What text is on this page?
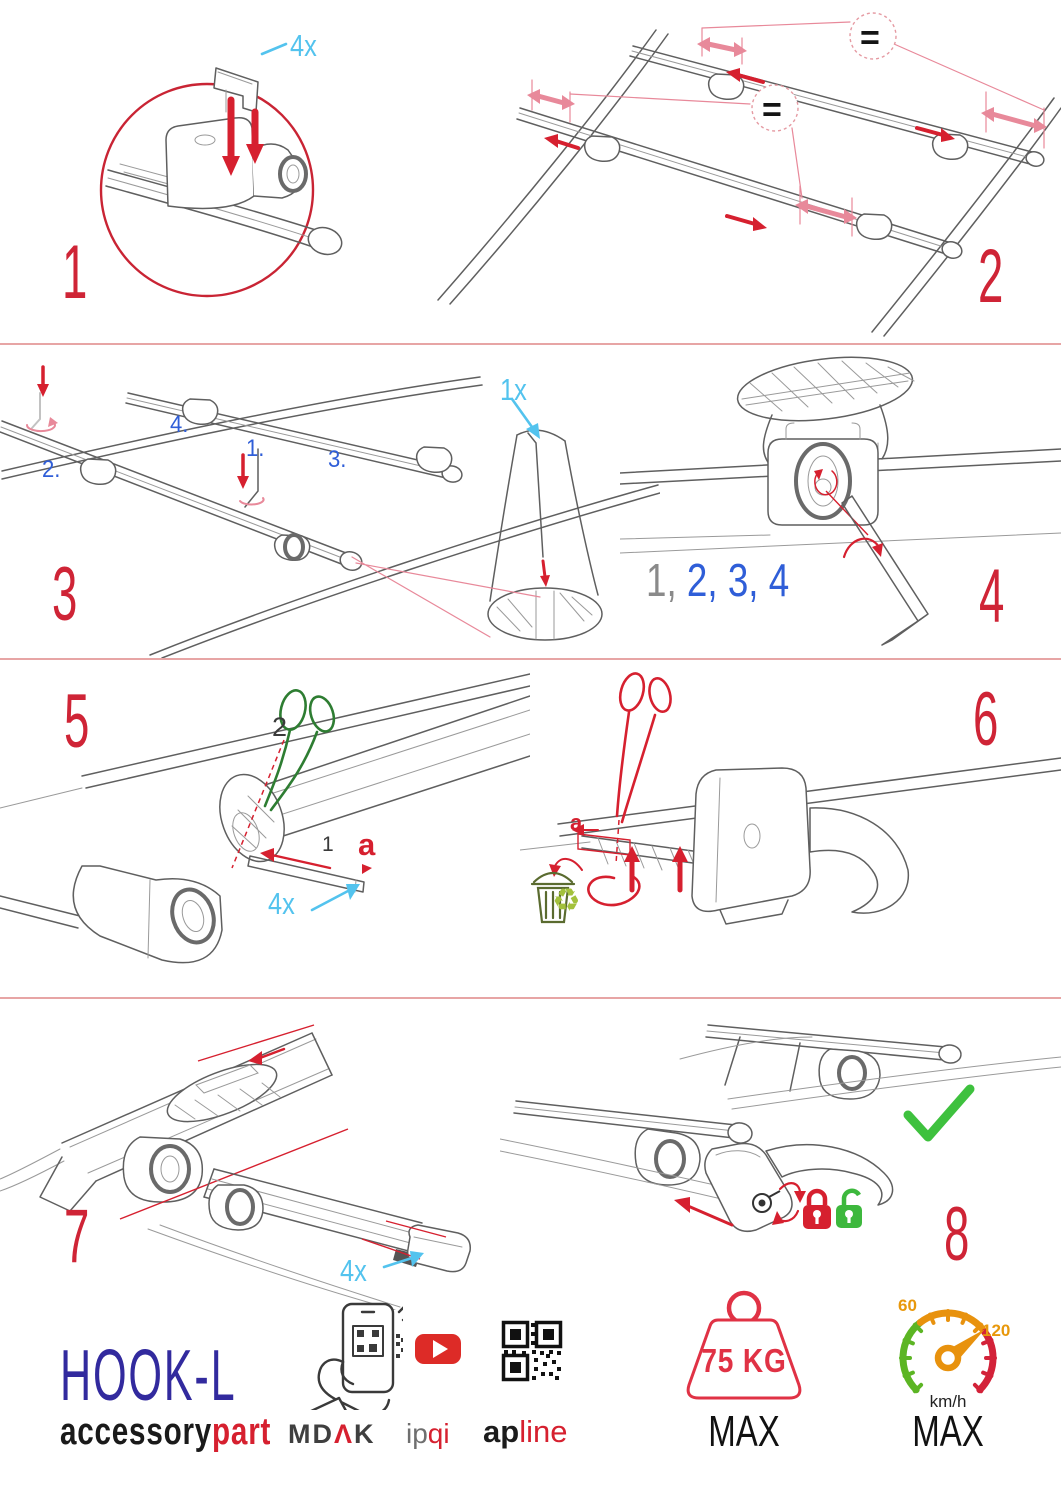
4x
1
=
=
2
1.
2.	3.
4.
1x
3	1, 2, 3, 4 4
2
1 a
4x
5
a
♻
6
4x
7	8
HOOK-L
accessorypart MDΛK ipqi apline
75 KG
MAX
60
120
km/h
MAX
